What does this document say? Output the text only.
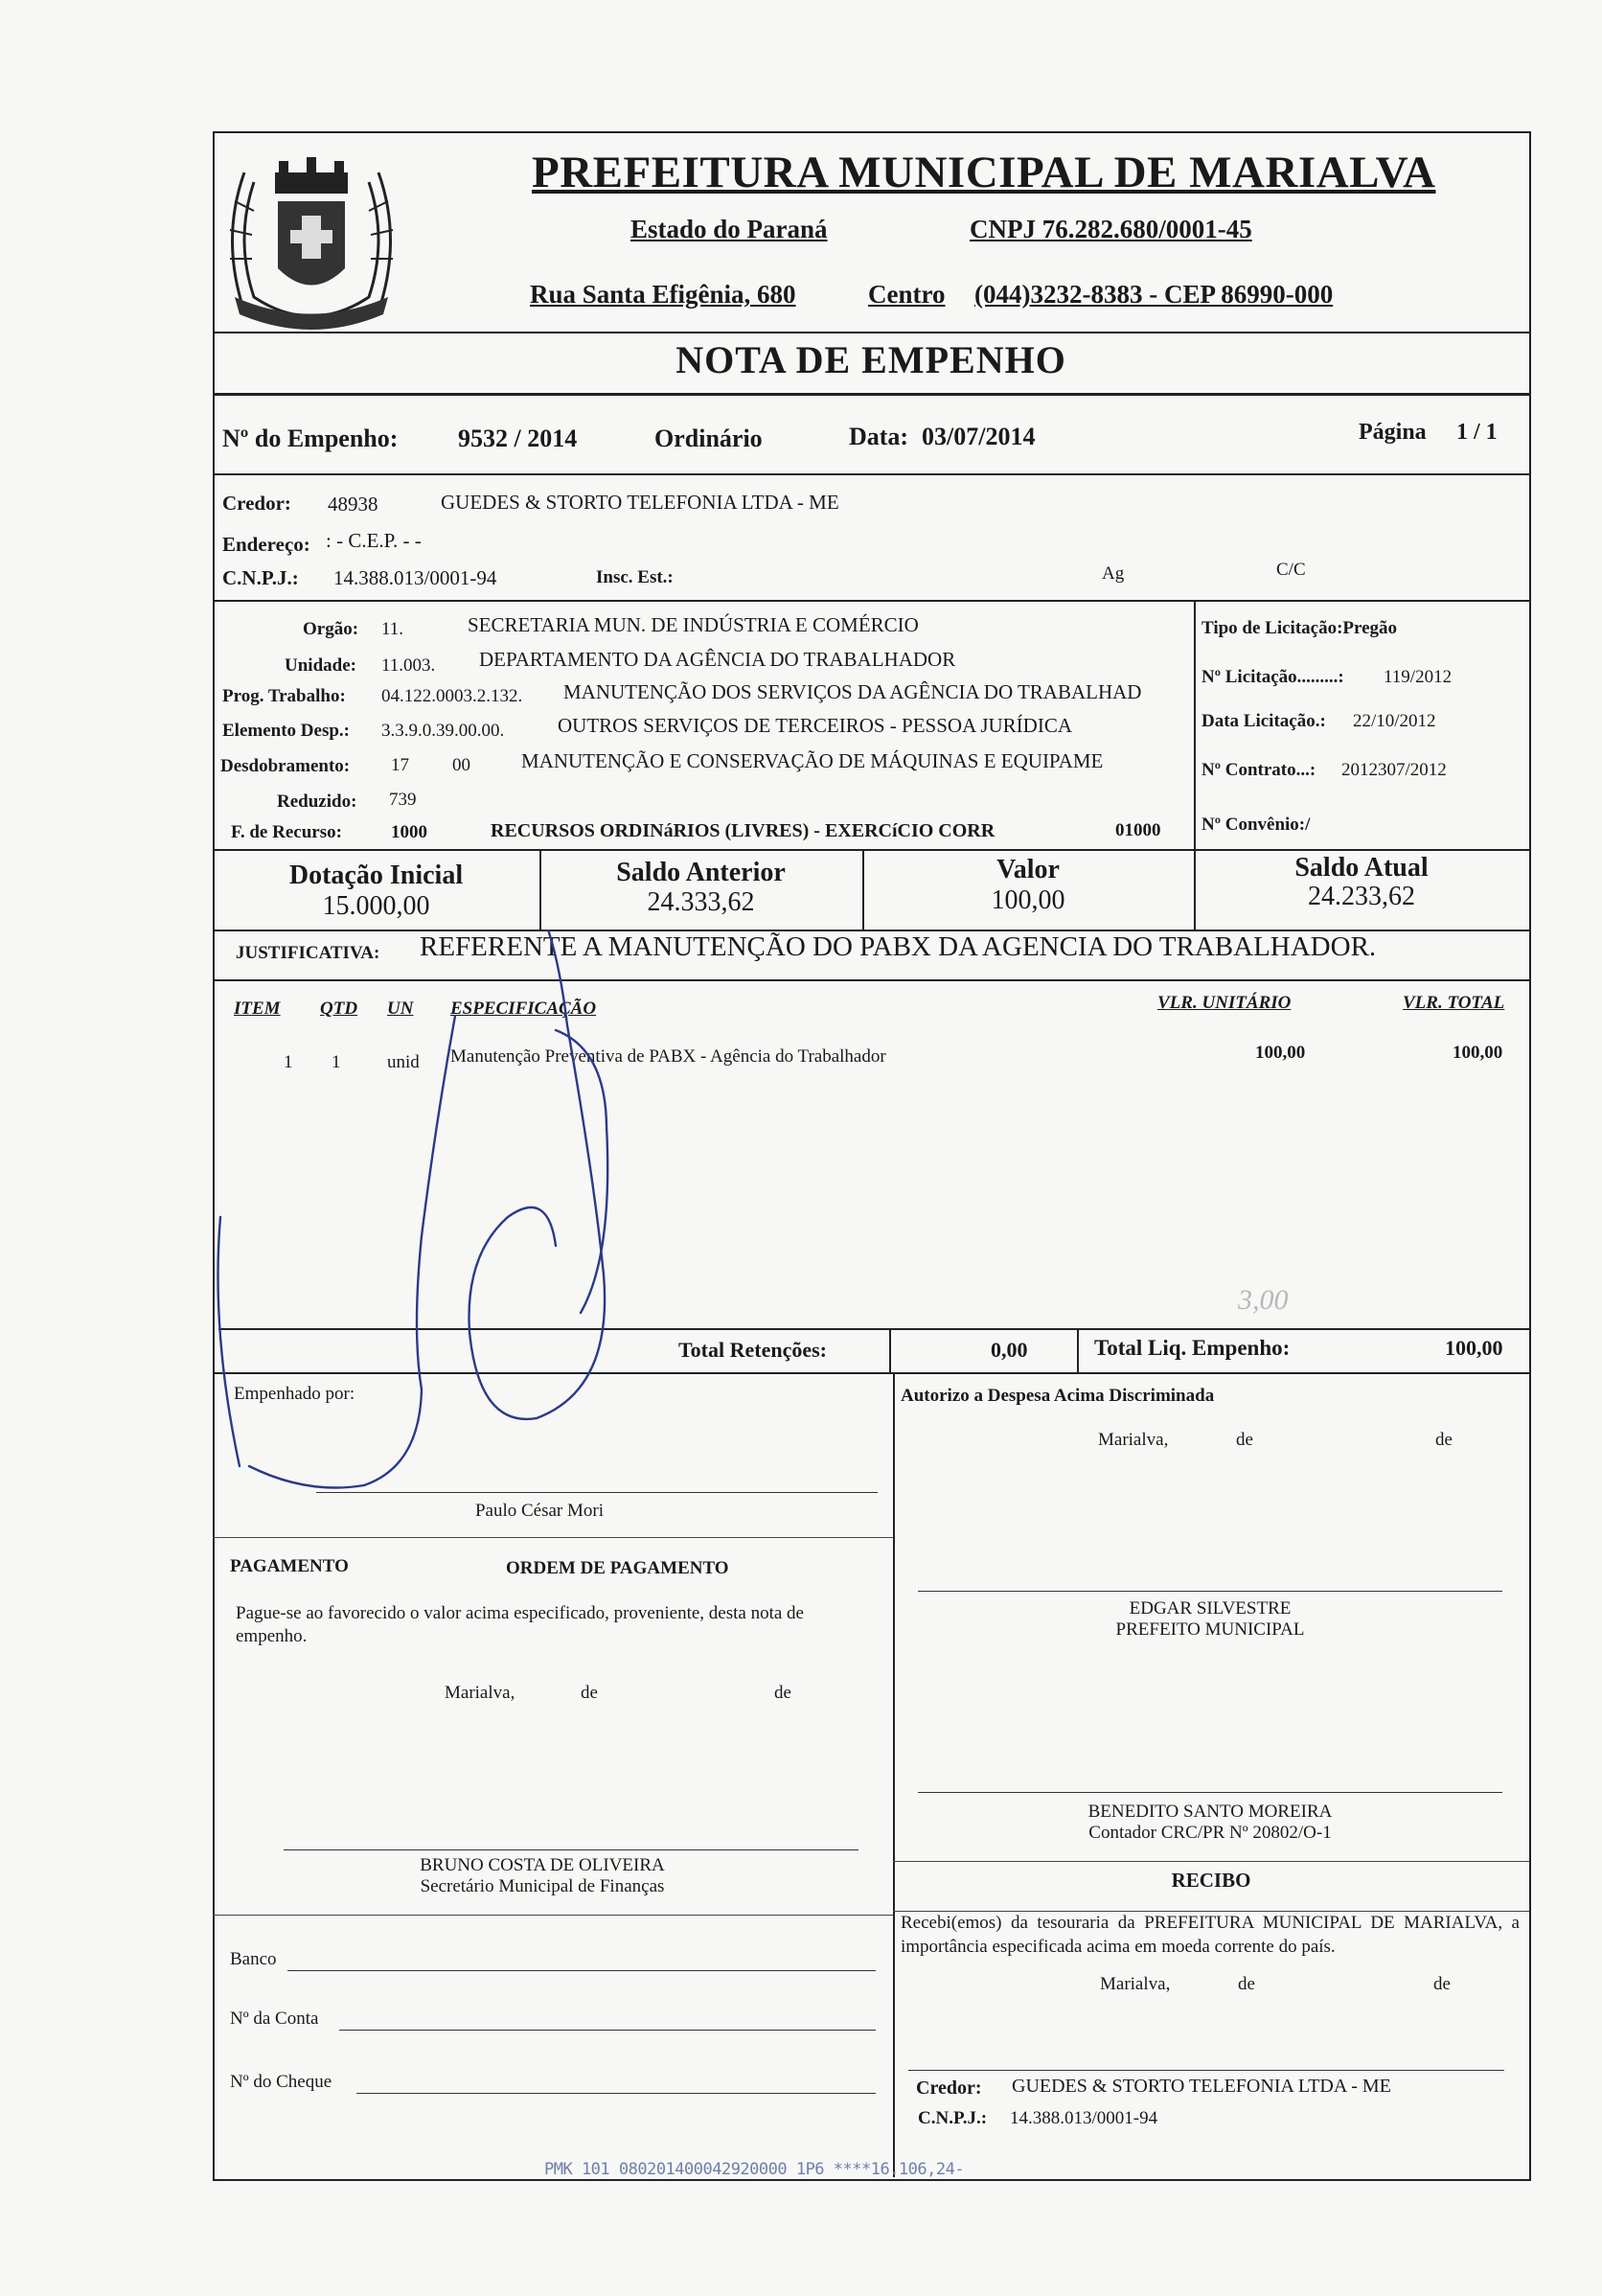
PREFEITURA MUNICIPAL DE MARIALVA
Estado do Paraná	CNPJ 76.282.680/0001-45
Rua Santa Efigênia, 680	Centro (044)3232-8383 - CEP 86990-000
NOTA DE EMPENHO
Nº do Empenho: 9532 / 2014	Ordinário	Data: 03/07/2014	Página 1 / 1
Credor: 48938	GUEDES & STORTO TELEFONIA LTDA - ME
Endereço: : - C.E.P. - -
C.N.P.J.: 14.388.013/0001-94	Insc. Est.:	Ag	C/C
Orgão: 11.	SECRETARIA MUN. DE INDÚSTRIA E COMÉRCIO
Unidade: 11.003. DEPARTAMENTO DA AGÊNCIA DO TRABALHADOR
Prog. Trabalho: 04.122.0003.2.132. MANUTENÇÃO DOS SERVIÇOS DA AGÊNCIA DO TRABALHAD
Elemento Desp.: 3.3.9.0.39.00.00.	OUTROS SERVIÇOS DE TERCEIROS - PESSOA JURÍDICA
Desdobramento: 17 00	MANUTENÇÃO E CONSERVAÇÃO DE MÁQUINAS E EQUIPAME
Reduzido: 739
F. de Recurso:	1000	RECURSOS ORDINáRIOS (LIVRES) - EXERCíCIO CORR	01000
Tipo de Licitação:Pregão
Nº Licitação.........: 119/2012
Data Licitação.: 22/10/2012
Nº Contrato...: 2012307/2012
Nº Convênio:/
Dotação Inicial
15.000,00
Saldo Anterior
24.333,62
Valor
100,00
Saldo Atual
24.233,62
JUSTIFICATIVA: REFERENTE A MANUTENÇÃO DO PABX DA AGENCIA DO TRABALHADOR.
ITEM QTD UN ESPECIFICAÇÃO	VLR. UNITÁRIO	VLR. TOTAL
1 1	unid Manutenção Preventiva de PABX - Agência do Trabalhador	100,00	100,00
3,00
Total Retenções:	0,00	Total Liq. Empenho:	100,00
Empenhado por:
Paulo César Mori
Autorizo a Despesa Acima Discriminada
Marialva,	de	de
PAGAMENTO	ORDEM DE PAGAMENTO
Pague-se ao favorecido o valor acima especificado, proveniente, desta nota de empenho.
Marialva,	de	de
EDGAR SILVESTRE
PREFEITO MUNICIPAL
BENEDITO SANTO MOREIRA
Contador CRC/PR Nº 20802/O-1
BRUNO COSTA DE OLIVEIRA
Secretário Municipal de Finanças	RECIBO
Recebi(emos) da tesouraria da PREFEITURA MUNICIPAL DE MARIALVA, a importância especificada acima em moeda corrente do país.
Marialva,	de	de
Credor: GUEDES & STORTO TELEFONIA LTDA - ME
C.N.P.J.: 14.388.013/0001-94
Banco
Nº da Conta
Nº do Cheque
PMK 101 080201400042920000 1P6 ****16.106,24-
